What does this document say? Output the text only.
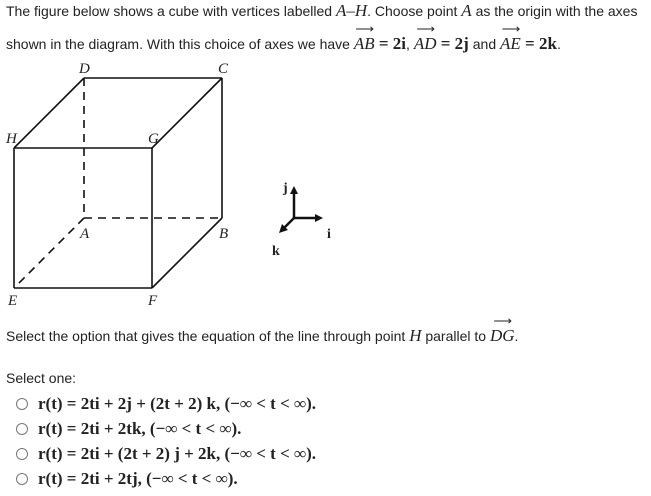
The figure below shows a cube with vertices labelled A–H. Choose point A as the origin with the axes
shown in the diagram. With this choice of axes we have
⟶
AB = 2i,
⟶
AD = 2j and
⟶
AE = 2k.
D	C
H	G
A	B
E	F
j
i
k
Select the option that gives the equation of the line through point H parallel to
⟶
DG.
Select one:
r(t) = 2ti + 2j + (2t + 2) k, (−∞ < t < ∞).
r(t) = 2ti + 2tk, (−∞ < t < ∞).
r(t) = 2ti + (2t + 2) j + 2k, (−∞ < t < ∞).
r(t) = 2ti + 2tj, (−∞ < t < ∞).
